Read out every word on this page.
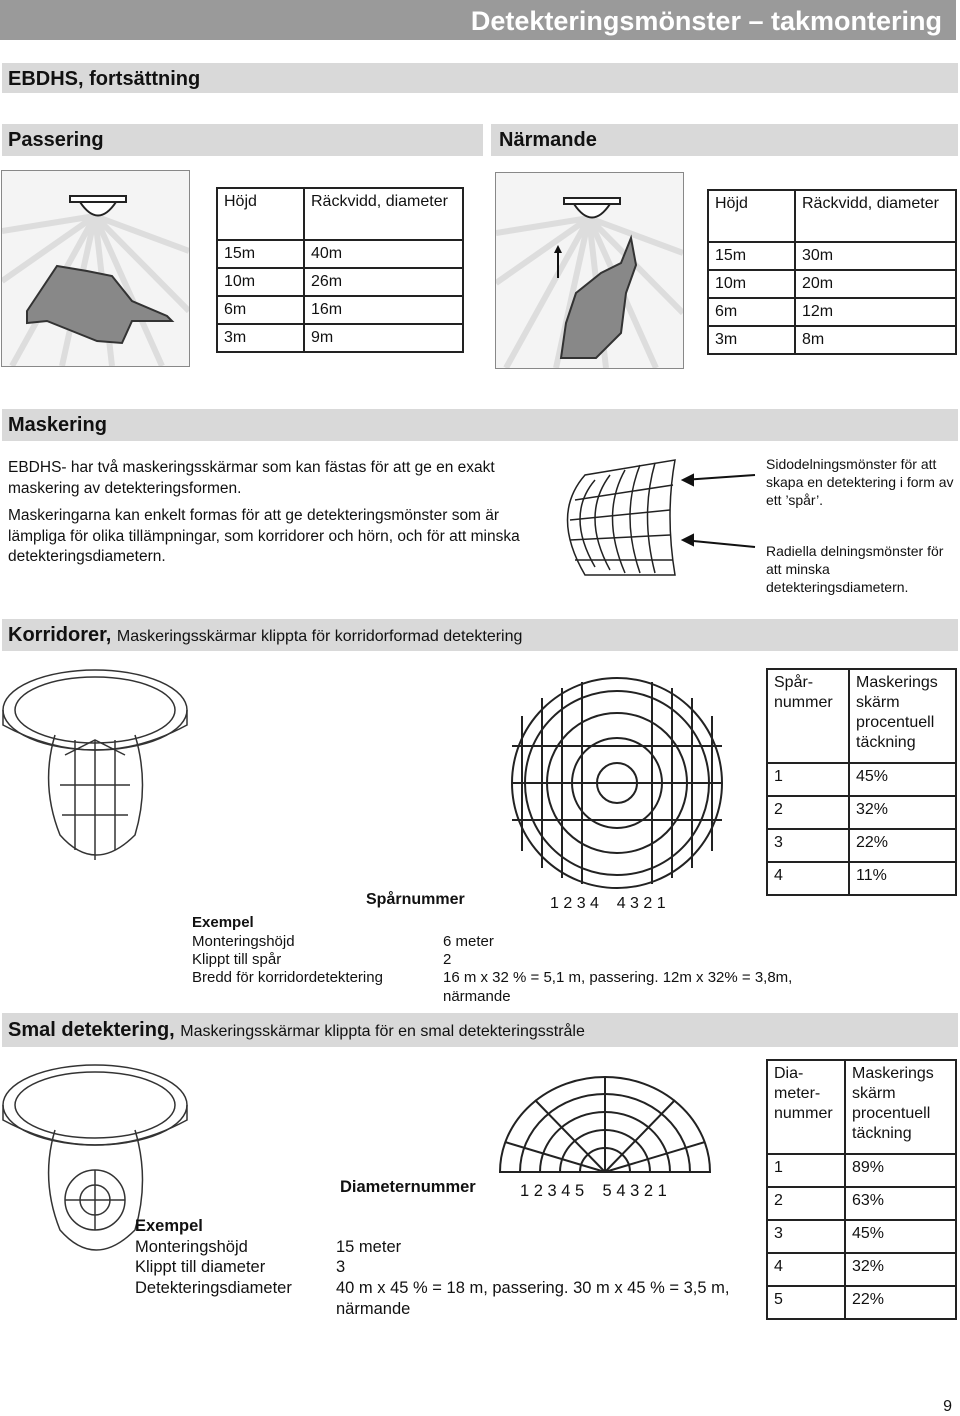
Detekteringsmönster – takmontering
EBDHS, fortsättning
Passering	Närmande
Höjd	Räckvidd, diameter
15m	40m
10m	26m
6m	16m
3m	9m
Höjd	Räckvidd, diameter
15m	30m
10m	20m
6m	12m
3m	8m
Maskering
EBDHS- har två maskeringsskärmar som kan fästas för att ge en exakt maskering av detekteringsformen.
Maskeringarna kan enkelt formas för att ge detekteringsmönster som är lämpliga för olika tillämpningar, som korridorer och hörn, och för att minska detekteringsdiametern.
Sidodelningsmönster för att skapa en detektering i form av ett ’spår’.
Radiella delningsmönster för att minska detekteringsdiametern.
Korridorer, Maskeringsskärmar klippta för korridorformad detektering
Spår-nummer	Maskerings skärm procentuell täckning
1	45%
2	32%
3	22%
4	11%
Spårnummer	1 2 3 4    4 3 2 1
Exempel
Monteringshöjd	6 meter
Klippt till spår	2
Bredd för korridordetektering	16 m x 32 % = 5,1 m, passering. 12m x 32% = 3,8m, närmande
Smal detektering, Maskeringsskärmar klippta för en smal detekteringsstråle
Dia-meter-nummer	Maskerings skärm procentuell täckning
1	89%
2	63%
3	45%
4	32%
5	22%
Diameternummer	1 2 3 4 5    5 4 3 2 1
Exempel
Monteringshöjd	15 meter
Klippt till diameter	3
Detekteringsdiameter	40 m x 45 % = 18 m, passering. 30 m x 45 % = 3,5 m, närmande
9
